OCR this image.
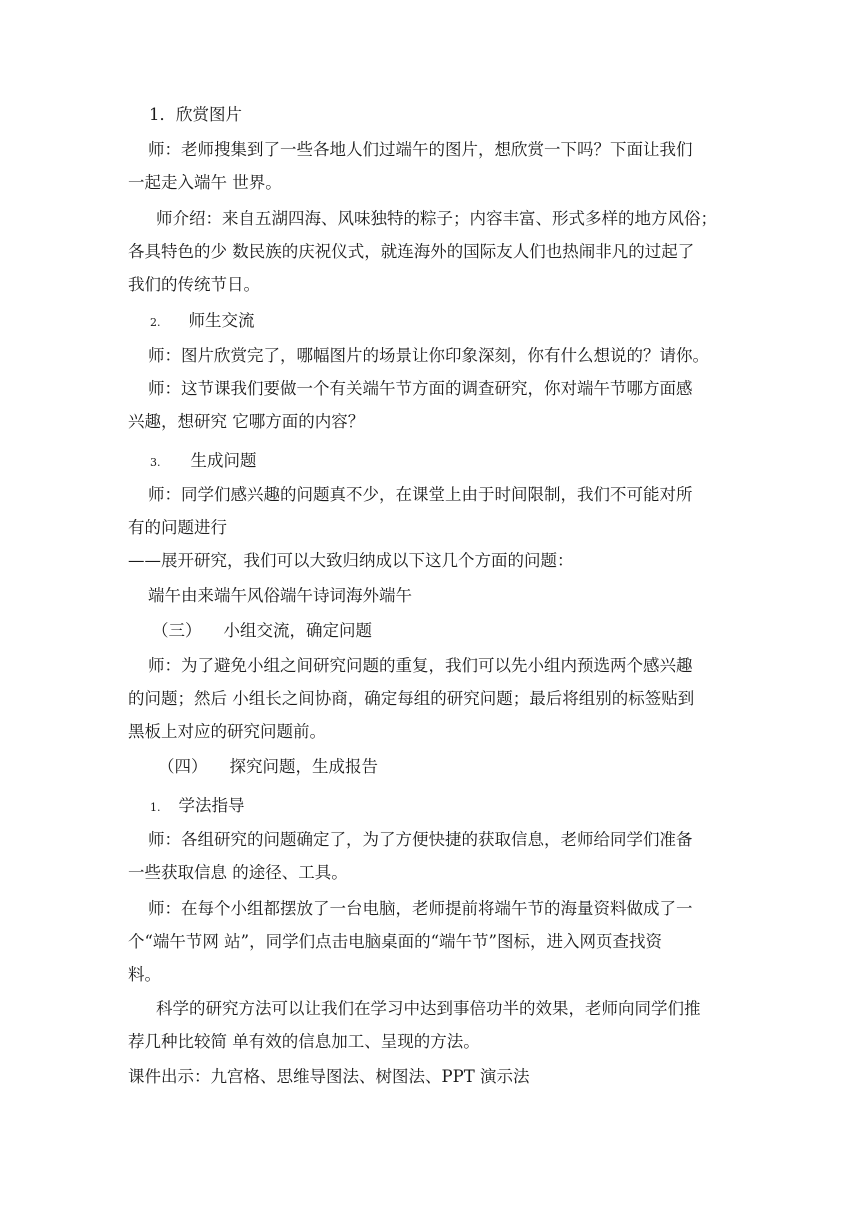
1．欣赏图片
师：老师搜集到了一些各地人们过端午的图片，想欣赏一下吗？下面让我们
一起走入端午 世界。
师介绍：来自五湖四海、风味独特的粽子；内容丰富、形式多样的地方风俗；
各具特色的少 数民族的庆祝仪式，就连海外的国际友人们也热闹非凡的过起了
我们的传统节日。
2. 师生交流
师：图片欣赏完了，哪幅图片的场景让你印象深刻，你有什么想说的？请你。
师：这节课我们要做一个有关端午节方面的调查研究，你对端午节哪方面感
兴趣，想研究 它哪方面的内容？
3. 生成问题
师：同学们感兴趣的问题真不少，在课堂上由于时间限制，我们不可能对所
有的问题进行
——展开研究，我们可以大致归纳成以下这几个方面的问题：
端午由来端午风俗端午诗词海外端午
（三） 小组交流，确定问题
师：为了避免小组之间研究问题的重复，我们可以先小组内预选两个感兴趣
的问题；然后 小组长之间协商，确定每组的研究问题；最后将组别的标签贴到
黑板上对应的研究问题前。
（四） 探究问题，生成报告
1. 学法指导
师：各组研究的问题确定了，为了方便快捷的获取信息，老师给同学们准备
一些获取信息 的途径、工具。
师：在每个小组都摆放了一台电脑，老师提前将端午节的海量资料做成了一
个“端午节网 站”，同学们点击电脑桌面的“端午节”图标，进入网页查找资
料。
科学的研究方法可以让我们在学习中达到事倍功半的效果，老师向同学们推
荐几种比较简 单有效的信息加工、呈现的方法。
课件出示：九宫格、思维导图法、树图法、PPT 演示法
